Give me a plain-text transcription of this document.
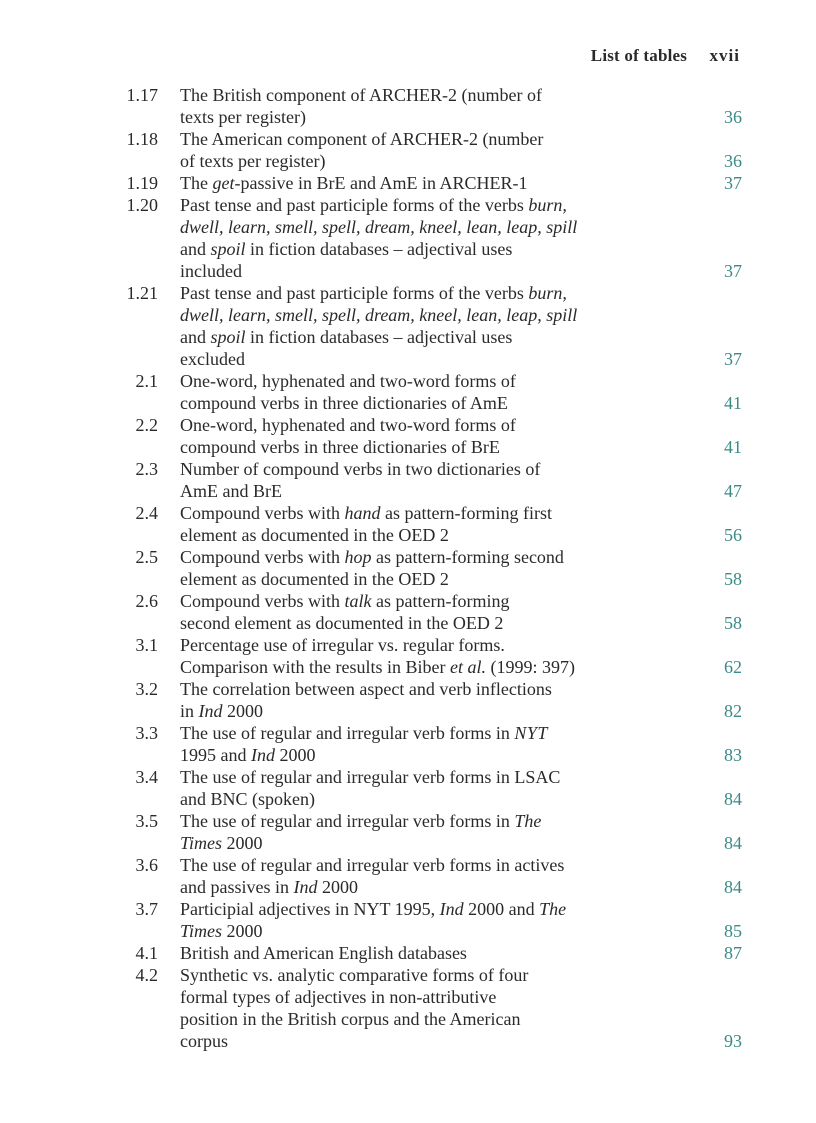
List of tables xvii
1.17 The British component of ARCHER-2 (number of
texts per register)	36
1.18 The American component of ARCHER-2 (number
of texts per register)	36
1.19 The get-passive in BrE and AmE in ARCHER-1	37
1.20 Past tense and past participle forms of the verbs burn,
dwell, learn, smell, spell, dream, kneel, lean, leap, spill
and spoil in fiction databases – adjectival uses
included	37
1.21 Past tense and past participle forms of the verbs burn,
dwell, learn, smell, spell, dream, kneel, lean, leap, spill
and spoil in fiction databases – adjectival uses
excluded	37
2.1 One-word, hyphenated and two-word forms of
compound verbs in three dictionaries of AmE	41
2.2 One-word, hyphenated and two-word forms of
compound verbs in three dictionaries of BrE	41
2.3 Number of compound verbs in two dictionaries of
AmE and BrE	47
2.4 Compound verbs with hand as pattern-forming first
element as documented in the OED 2	56
2.5 Compound verbs with hop as pattern-forming second
element as documented in the OED 2	58
2.6 Compound verbs with talk as pattern-forming
second element as documented in the OED 2	58
3.1 Percentage use of irregular vs. regular forms.
Comparison with the results in Biber et al. (1999: 397)	62
3.2 The correlation between aspect and verb inflections
in Ind 2000	82
3.3 The use of regular and irregular verb forms in NYT
1995 and Ind 2000	83
3.4 The use of regular and irregular verb forms in LSAC
and BNC (spoken)	84
3.5 The use of regular and irregular verb forms in The
Times 2000	84
3.6 The use of regular and irregular verb forms in actives
and passives in Ind 2000	84
3.7 Participial adjectives in NYT 1995, Ind 2000 and The
Times 2000	85
4.1 British and American English databases	87
4.2 Synthetic vs. analytic comparative forms of four
formal types of adjectives in non-attributive
position in the British corpus and the American
corpus	93
